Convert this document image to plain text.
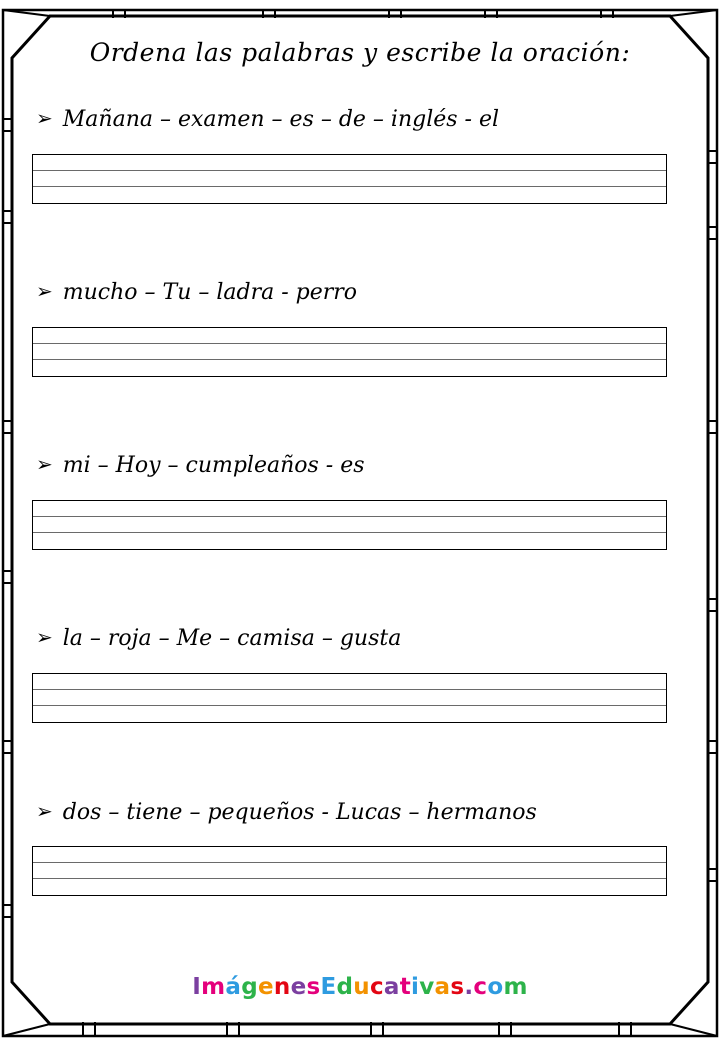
Ordena las palabras y escribe la oración:
➢ Mañana – examen – es – de – inglés - el
➢ mucho – Tu – ladra - perro
➢ mi – Hoy – cumpleaños - es
➢ la – roja – Me – camisa – gusta
➢ dos – tiene – pequeños - Lucas – hermanos
ImágenesEducativas.com
